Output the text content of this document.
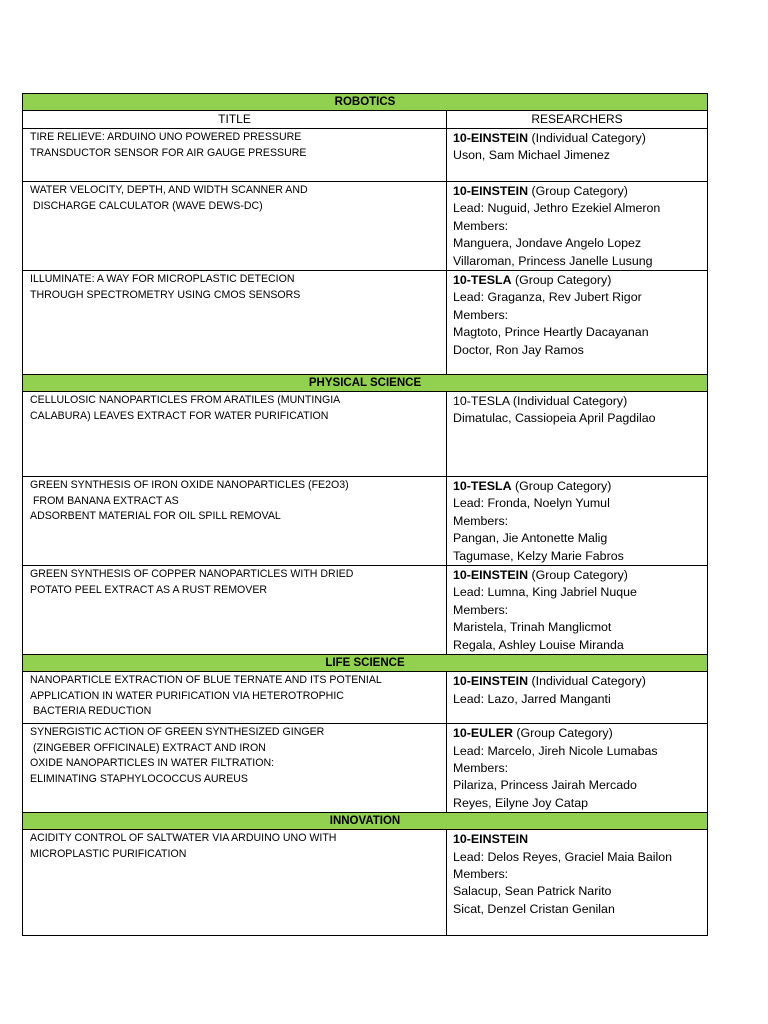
ROBOTICS	
TITLE	RESEARCHERS

TIRE RELIEVE: ARDUINO UNO POWERED PRESSURE
TRANSDUCTOR SENSOR FOR AIR GAUGE PRESSURE	10-EINSTEIN (Individual Category)
Uson, Sam Michael Jimenez

WATER VELOCITY, DEPTH, AND WIDTH SCANNER AND
DISCHARGE CALCULATOR (WAVE DEWS-DC)	10-EINSTEIN (Group Category)
Lead: Nuguid, Jethro Ezekiel Almeron
Members:
Manguera, Jondave Angelo Lopez
Villaroman, Princess Janelle Lusung

ILLUMINATE: A WAY FOR MICROPLASTIC DETECION
THROUGH SPECTROMETRY USING CMOS SENSORS	10-TESLA (Group Category)
Lead: Graganza, Rev Jubert Rigor
Members:
Magtoto, Prince Heartly Dacayanan
Doctor, Ron Jay Ramos

PHYSICAL SCIENCE	

CELLULOSIC NANOPARTICLES FROM ARATILES (MUNTINGIA
CALABURA) LEAVES EXTRACT FOR WATER PURIFICATION	10-TESLA (Individual Category)
Dimatulac, Cassiopeia April Pagdilao

GREEN SYNTHESIS OF IRON OXIDE NANOPARTICLES (FE2O3)
FROM BANANA EXTRACT AS
ADSORBENT MATERIAL FOR OIL SPILL REMOVAL	10-TESLA (Group Category)
Lead: Fronda, Noelyn Yumul
Members:
Pangan, Jie Antonette Malig
Tagumase, Kelzy Marie Fabros

GREEN SYNTHESIS OF COPPER NANOPARTICLES WITH DRIED
POTATO PEEL EXTRACT AS A RUST REMOVER	10-EINSTEIN (Group Category)
Lead: Lumna, King Jabriel Nuque
Members:
Maristela, Trinah Manglicmot
Regala, Ashley Louise Miranda

LIFE SCIENCE	

NANOPARTICLE EXTRACTION OF BLUE TERNATE AND ITS POTENIAL
APPLICATION IN WATER PURIFICATION VIA HETEROTROPHIC
BACTERIA REDUCTION	10-EINSTEIN (Individual Category)
Lead: Lazo, Jarred Manganti

SYNERGISTIC ACTION OF GREEN SYNTHESIZED GINGER
(ZINGEBER OFFICINALE) EXTRACT AND IRON
OXIDE NANOPARTICLES IN WATER FILTRATION:
ELIMINATING STAPHYLOCOCCUS AUREUS	10-EULER (Group Category)
Lead: Marcelo, Jireh Nicole Lumabas
Members:
Pilariza, Princess Jairah Mercado
Reyes, Eilyne Joy Catap

INNOVATION	

ACIDITY CONTROL OF SALTWATER VIA ARDUINO UNO WITH
MICROPLASTIC PURIFICATION	10-EINSTEIN
Lead: Delos Reyes, Graciel Maia Bailon
Members:
Salacup, Sean Patrick Narito
Sicat, Denzel Cristan Genilan
